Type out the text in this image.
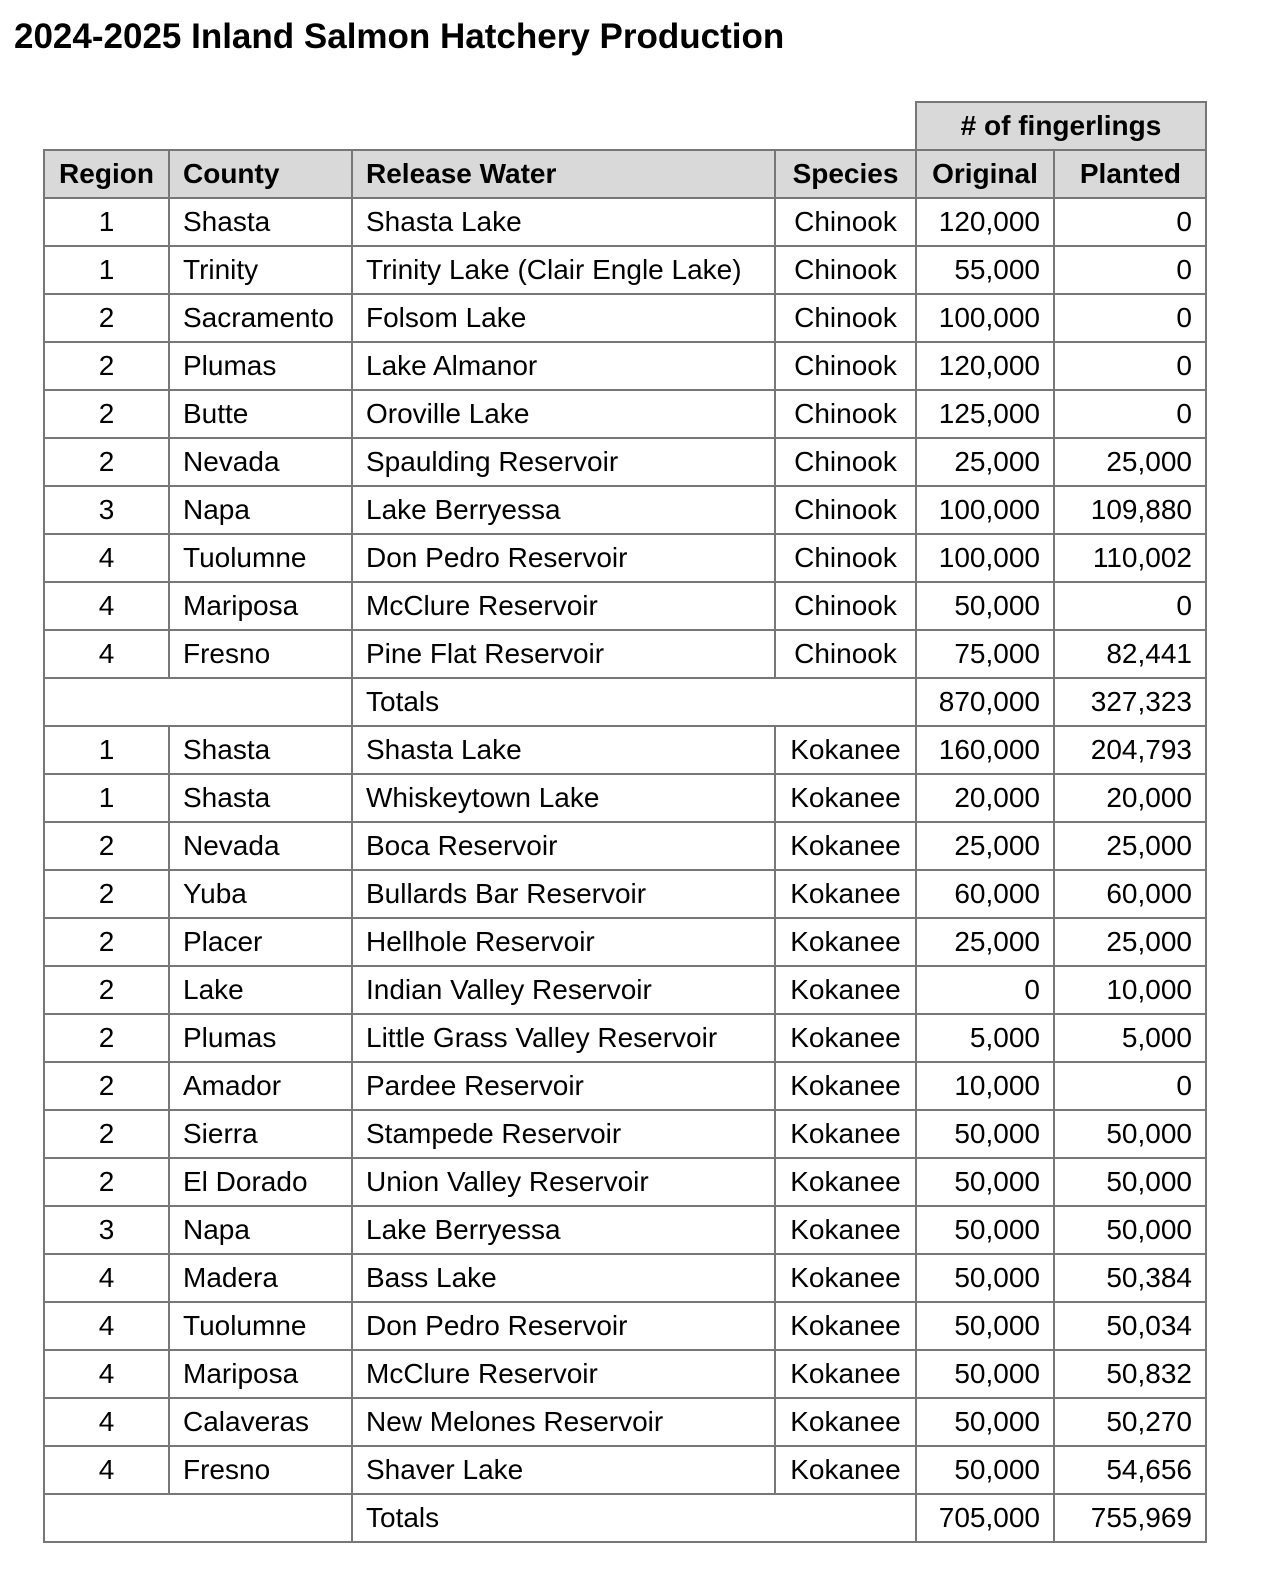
2024-2025 Inland Salmon Hatchery Production
				# of fingerlings	
Region	County	Release Water	Species	Original	Planted
1	Shasta	Shasta Lake	Chinook	120,000	0
1	Trinity	Trinity Lake (Clair Engle Lake)	Chinook	55,000	0
2	Sacramento	Folsom Lake	Chinook	100,000	0
2	Plumas	Lake Almanor	Chinook	120,000	0
2	Butte	Oroville Lake	Chinook	125,000	0
2	Nevada	Spaulding Reservoir	Chinook	25,000	25,000
3	Napa	Lake Berryessa	Chinook	100,000	109,880
4	Tuolumne	Don Pedro Reservoir	Chinook	100,000	110,002
4	Mariposa	McClure Reservoir	Chinook	50,000	0
4	Fresno	Pine Flat Reservoir	Chinook	75,000	82,441
		Totals		870,000	327,323
1	Shasta	Shasta Lake	Kokanee	160,000	204,793
1	Shasta	Whiskeytown Lake	Kokanee	20,000	20,000
2	Nevada	Boca Reservoir	Kokanee	25,000	25,000
2	Yuba	Bullards Bar Reservoir	Kokanee	60,000	60,000
2	Placer	Hellhole Reservoir	Kokanee	25,000	25,000
2	Lake	Indian Valley Reservoir	Kokanee	0	10,000
2	Plumas	Little Grass Valley Reservoir	Kokanee	5,000	5,000
2	Amador	Pardee Reservoir	Kokanee	10,000	0
2	Sierra	Stampede Reservoir	Kokanee	50,000	50,000
2	El Dorado	Union Valley Reservoir	Kokanee	50,000	50,000
3	Napa	Lake Berryessa	Kokanee	50,000	50,000
4	Madera	Bass Lake	Kokanee	50,000	50,384
4	Tuolumne	Don Pedro Reservoir	Kokanee	50,000	50,034
4	Mariposa	McClure Reservoir	Kokanee	50,000	50,832
4	Calaveras	New Melones Reservoir	Kokanee	50,000	50,270
4	Fresno	Shaver Lake	Kokanee	50,000	54,656
		Totals		705,000	755,969
